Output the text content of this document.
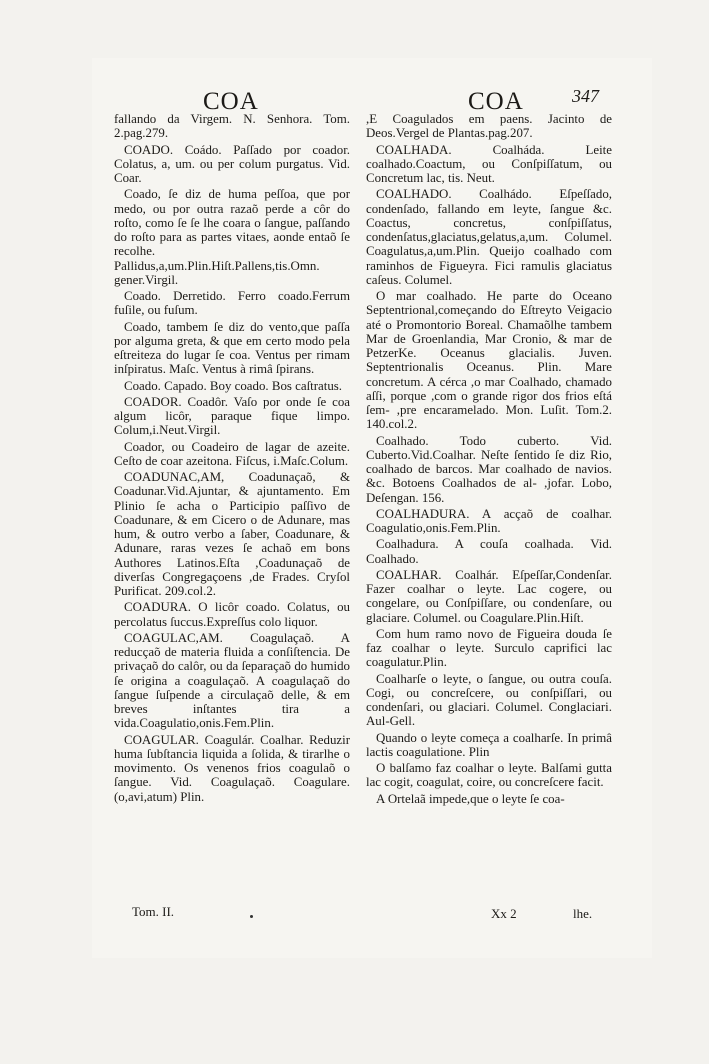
COA	COA	347

fallando da Virgem. N. Senhora. Tom. 2.pag.279.

COADO. Coádo. Paſſado por coador. Colatus, a, um. ou per colum purgatus. Vid. Coar.

Coado, ſe diz de huma peſſoa, que por medo, ou por outra razaõ perde a côr do roſto, como ſe ſe lhe coara o ſangue, paſſando do roſto para as partes vitaes, aonde entaõ ſe recolhe. Pallidus,a,um.Plin.Hiſt.Pallens,tis.Omn. gener.Virgil.

Coado. Derretido. Ferro coado.Ferrum fuſile, ou fuſum.

Coado, tambem ſe diz do vento,que paſſa por alguma greta, & que em certo modo pela eſtreiteza do lugar ſe coa. Ventus per rimam inſpiratus. Maſc. Ventus à rimâ ſpirans.

Coado. Capado. Boy coado. Bos caſtratus.

COADOR. Coadôr. Vaſo por onde ſe coa algum licôr, paraque fique limpo. Colum,i.Neut.Virgil.

Coador, ou Coadeiro de lagar de azeite. Ceſto de coar azeitona. Fiſcus, i.Maſc.Colum.

COADUNAC,AM, Coadunaçaõ, & Coadunar.Vid.Ajuntar, & ajuntamento. Em Plinio ſe acha o Participio paſſivo de Coadunare, & em Cicero o de Adunare, mas hum, & outro verbo a ſaber, Coadunare, & Adunare, raras vezes ſe achaõ em bons Authores Latinos.Eſta ,Coadunaçaõ de diverſas Congregaçoens ,de Frades. Cryſol Purificat. 209.col.2.

COADURA. O licôr coado. Colatus, ou percolatus ſuccus.Expreſſus colo liquor.

COAGULAC,AM. Coagulaçaõ. A reducçaõ de materia fluida a conſiſtencia. De privaçaõ do calôr, ou da ſeparaçaõ do humido ſe origina a coagulaçaõ. A coagulaçaõ do ſangue ſuſpende a circulaçaõ delle, & em breves inſtantes tira a vida.Coagulatio,onis.Fem.Plin.

COAGULAR. Coagulár. Coalhar. Reduzir huma ſubſtancia liquida a ſolida, & tirarlhe o movimento. Os venenos frios coagulaõ o ſangue. Vid. Coagulaçaõ. Coagulare. (o,avi,atum) Plin.

,E Coagulados em paens. Jacinto de Deos.Vergel de Plantas.pag.207.

COALHADA. Coalháda. Leite coalhado.Coactum, ou Conſpiſſatum, ou Concretum lac, tis. Neut.

COALHADO. Coalhádo. Eſpeſſado, condenſado, fallando em leyte, ſangue &c. Coactus, concretus, conſpiſſatus, condenſatus,glaciatus,gelatus,a,um. Columel. Coagulatus,a,um.Plin. Queijo coalhado com raminhos de Figueyra. Fici ramulis glaciatus caſeus. Columel.

O mar coalhado. He parte do Oceano Septentrional,começando do Eſtreyto Veigacio até o Promontorio Boreal. Chamaõlhe tambem Mar de Groenlandia, Mar Cronio, & mar de PetzerKe. Oceanus glacialis. Juven. Septentrionalis Oceanus. Plin. Mare concretum. A cérca ,o mar Coalhado, chamado aſſi, porque ,com o grande rigor dos frios eſtá ſem- ,pre encaramelado. Mon. Luſit. Tom.2. 140.col.2.

Coalhado. Todo cuberto. Vid. Cuberto.Vid.Coalhar. Neſte ſentido ſe diz Rio, coalhado de barcos. Mar coalhado de navios. &c. Botoens Coalhados de al- ,jofar. Lobo, Deſengan. 156.

COALHADURA. A acçaõ de coalhar. Coagulatio,onis.Fem.Plin.

Coalhadura. A couſa coalhada. Vid. Coalhado.

COALHAR. Coalhár. Eſpeſſar,Condenſar. Fazer coalhar o leyte. Lac cogere, ou congelare, ou Conſpiſſare, ou condenſare, ou glaciare. Columel. ou Coagulare.Plin.Hiſt.

Com hum ramo novo de Figueira douda ſe faz coalhar o leyte. Surculo caprifici lac coagulatur.Plin.

Coalharſe o leyte, o ſangue, ou outra couſa. Cogi, ou concreſcere, ou conſpiſſari, ou condenſari, ou glaciari. Columel. Conglaciari. Aul-Gell.

Quando o leyte começa a coalharſe. In primâ lactis coagulatione. Plin

O balſamo faz coalhar o leyte. Balſami gutta lac cogit, coagulat, coire, ou concreſcere facit.

A Ortelaã impede,que o leyte ſe coa-

Tom. II.	Xx 2	lhe.
